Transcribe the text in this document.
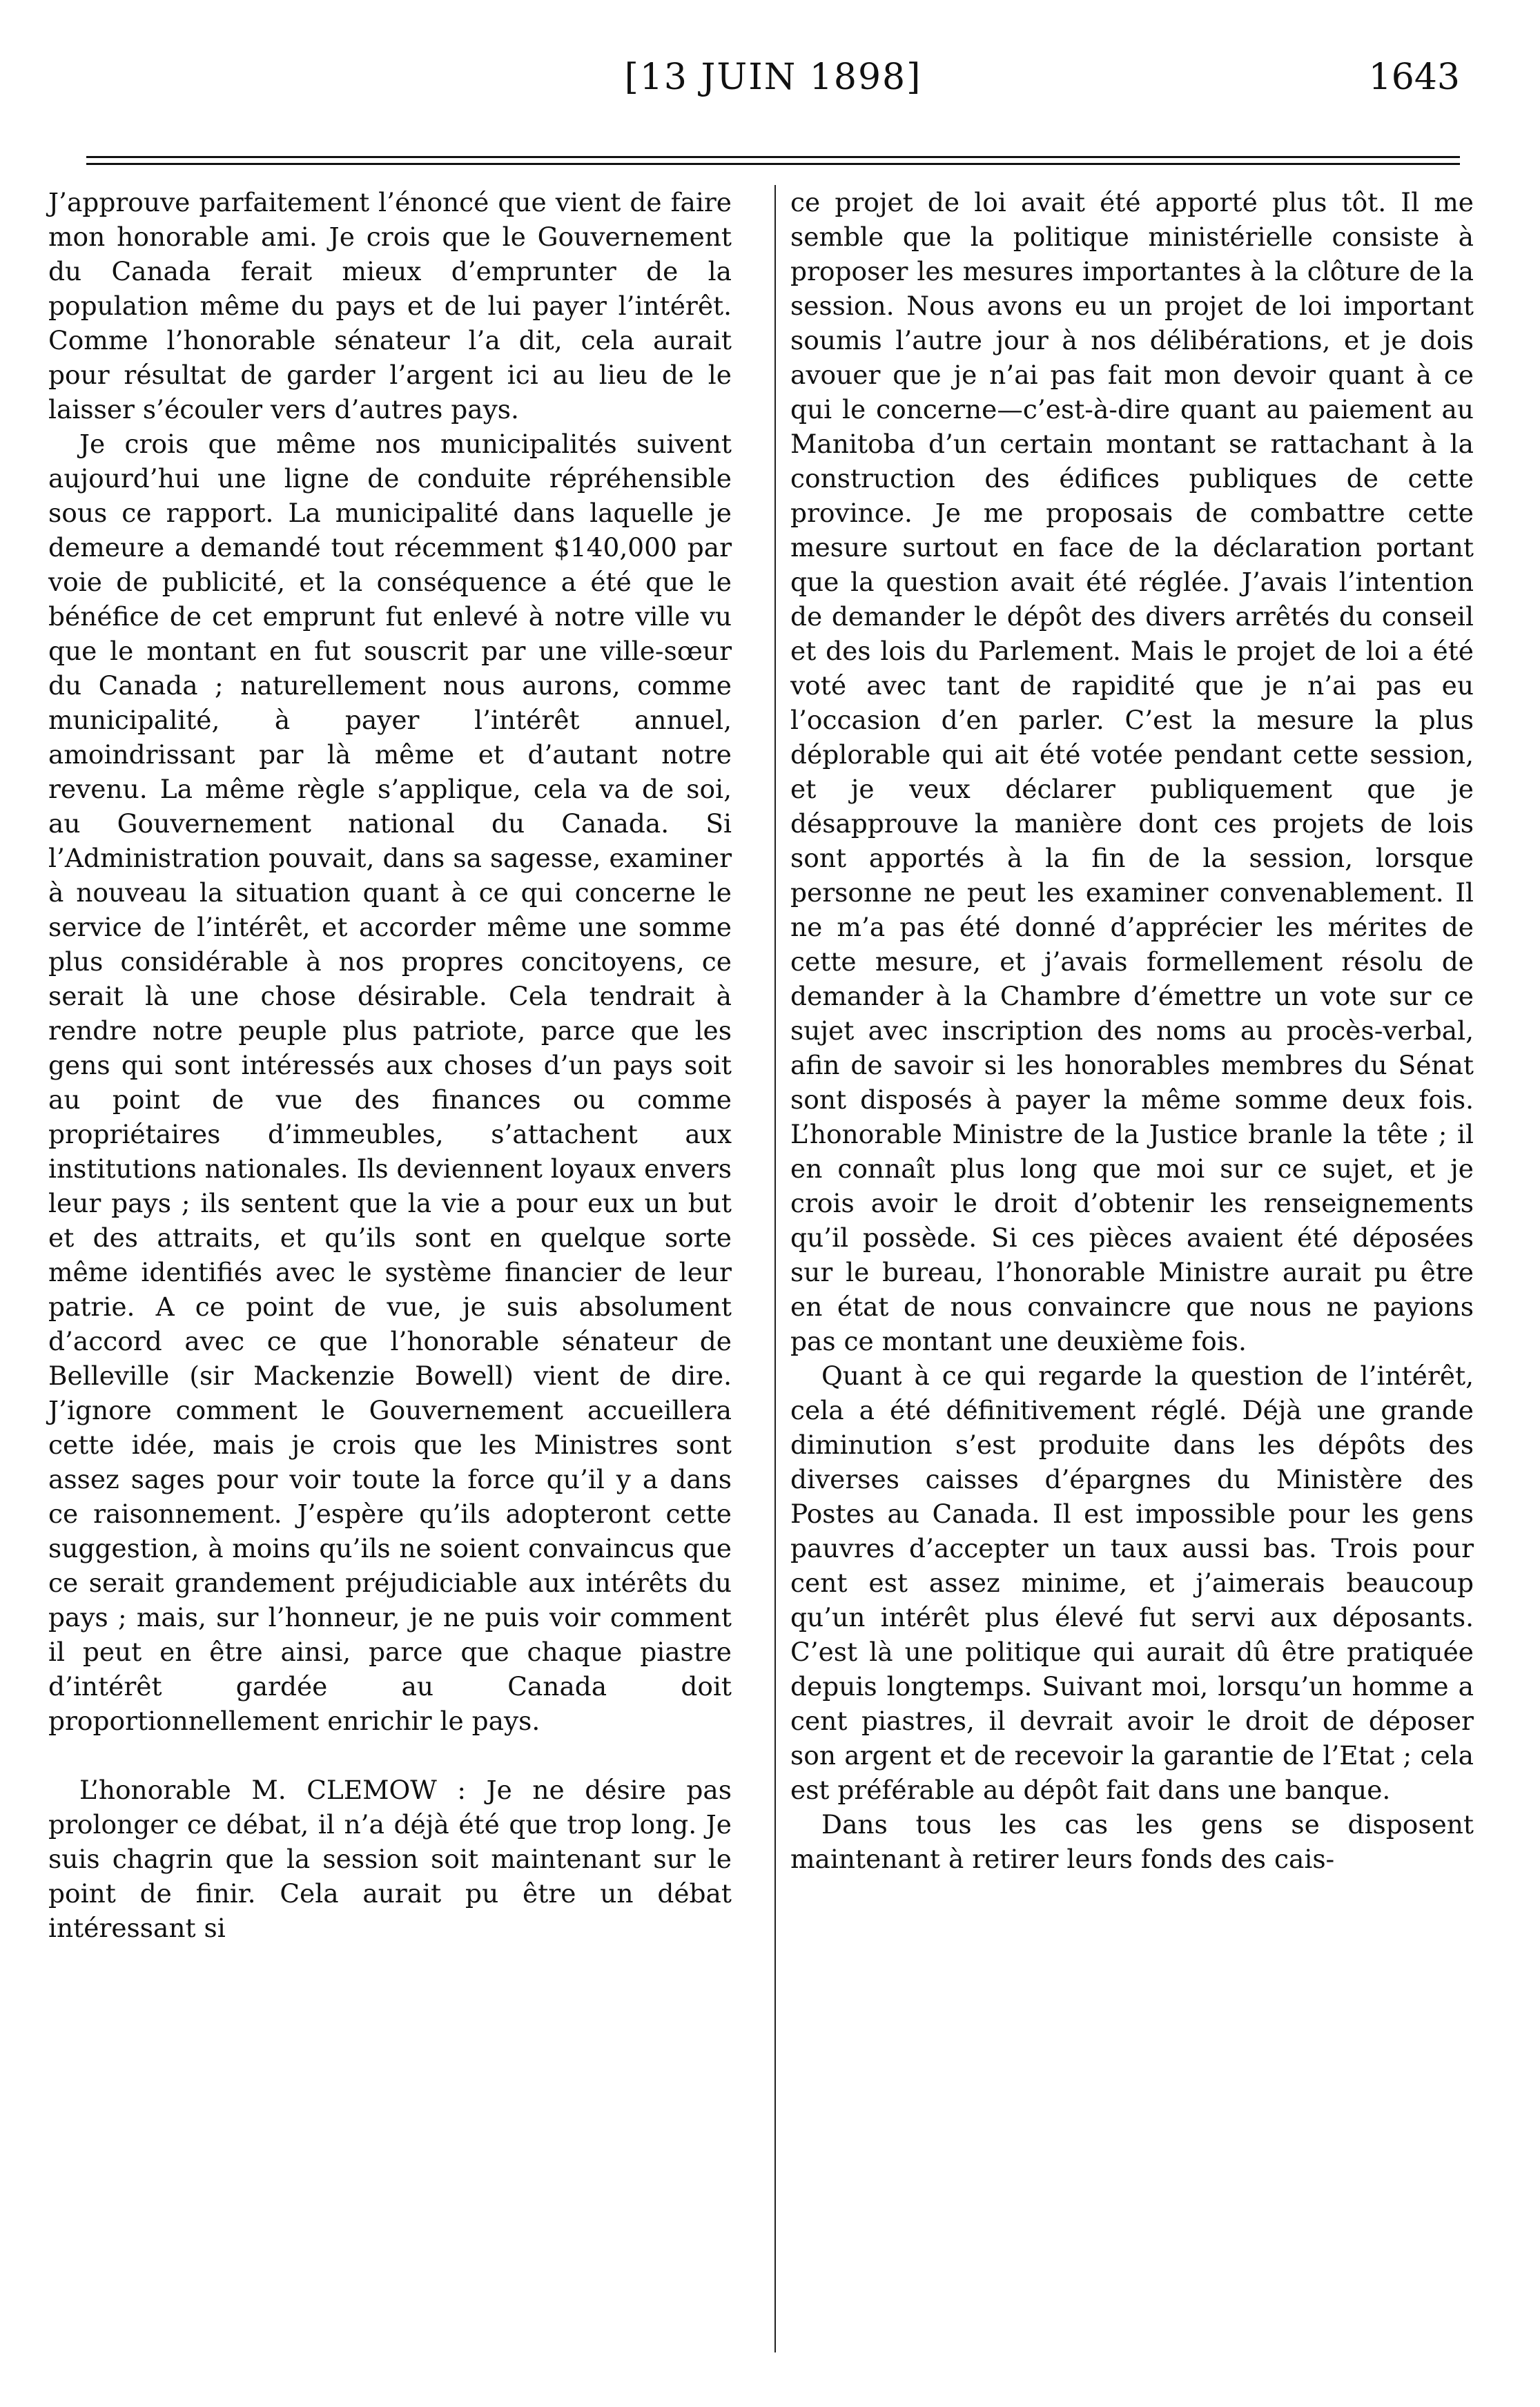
[13 JUIN 1898]	1643

J’approuve parfaitement l’énoncé que vient de faire mon honorable ami. Je crois que le Gouvernement du Canada ferait mieux d’emprunter de la population même du pays et de lui payer l’intérêt. Comme l’honorable sénateur l’a dit, cela aurait pour résultat de garder l’argent ici au lieu de le laisser s’écouler vers d’autres pays.

Je crois que même nos municipalités suivent aujourd’hui une ligne de conduite répréhensible sous ce rapport. La municipalité dans laquelle je demeure a demandé tout récemment $140,000 par voie de publicité, et la conséquence a été que le bénéfice de cet emprunt fut enlevé à notre ville vu que le montant en fut souscrit par une ville-sœur du Canada ; naturellement nous aurons, comme municipalité, à payer l’intérêt annuel, amoindrissant par là même et d’autant notre revenu. La même règle s’applique, cela va de soi, au Gouvernement national du Canada. Si l’Administration pouvait, dans sa sagesse, examiner à nouveau la situation quant à ce qui concerne le service de l’intérêt, et accorder même une somme plus considérable à nos propres concitoyens, ce serait là une chose désirable. Cela tendrait à rendre notre peuple plus patriote, parce que les gens qui sont intéressés aux choses d’un pays soit au point de vue des finances ou comme propriétaires d’immeubles, s’attachent aux institutions nationales. Ils deviennent loyaux envers leur pays ; ils sentent que la vie a pour eux un but et des attraits, et qu’ils sont en quelque sorte même identifiés avec le système financier de leur patrie. A ce point de vue, je suis absolument d’accord avec ce que l’honorable sénateur de Belleville (sir Mackenzie Bowell) vient de dire. J’ignore comment le Gouvernement accueillera cette idée, mais je crois que les Ministres sont assez sages pour voir toute la force qu’il y a dans ce raisonnement. J’espère qu’ils adopteront cette suggestion, à moins qu’ils ne soient convaincus que ce serait grandement préjudiciable aux intérêts du pays ; mais, sur l’honneur, je ne puis voir comment il peut en être ainsi, parce que chaque piastre d’intérêt gardée au Canada doit proportionnellement enrichir le pays.

L’honorable M. CLEMOW : Je ne désire pas prolonger ce débat, il n’a déjà été que trop long. Je suis chagrin que la session soit maintenant sur le point de finir. Cela aurait pu être un débat intéressant si

ce projet de loi avait été apporté plus tôt. Il me semble que la politique ministérielle consiste à proposer les mesures importantes à la clôture de la session. Nous avons eu un projet de loi important soumis l’autre jour à nos délibérations, et je dois avouer que je n’ai pas fait mon devoir quant à ce qui le concerne—c’est-à-dire quant au paiement au Manitoba d’un certain montant se rattachant à la construction des édifices publiques de cette province. Je me proposais de combattre cette mesure surtout en face de la déclaration portant que la question avait été réglée. J’avais l’intention de demander le dépôt des divers arrêtés du conseil et des lois du Parlement. Mais le projet de loi a été voté avec tant de rapidité que je n’ai pas eu l’occasion d’en parler. C’est la mesure la plus déplorable qui ait été votée pendant cette session, et je veux déclarer publiquement que je désapprouve la manière dont ces projets de lois sont apportés à la fin de la session, lorsque personne ne peut les examiner convenablement. Il ne m’a pas été donné d’apprécier les mérites de cette mesure, et j’avais formellement résolu de demander à la Chambre d’émettre un vote sur ce sujet avec inscription des noms au procès-verbal, afin de savoir si les honorables membres du Sénat sont disposés à payer la même somme deux fois. L’honorable Ministre de la Justice branle la tête ; il en connaît plus long que moi sur ce sujet, et je crois avoir le droit d’obtenir les renseignements qu’il possède. Si ces pièces avaient été déposées sur le bureau, l’honorable Ministre aurait pu être en état de nous convaincre que nous ne payions pas ce montant une deuxième fois.

Quant à ce qui regarde la question de l’intérêt, cela a été définitivement réglé. Déjà une grande diminution s’est produite dans les dépôts des diverses caisses d’épargnes du Ministère des Postes au Canada. Il est impossible pour les gens pauvres d’accepter un taux aussi bas. Trois pour cent est assez minime, et j’aimerais beaucoup qu’un intérêt plus élevé fut servi aux déposants. C’est là une politique qui aurait dû être pratiquée depuis longtemps. Suivant moi, lorsqu’un homme a cent piastres, il devrait avoir le droit de déposer son argent et de recevoir la garantie de l’Etat ; cela est préférable au dépôt fait dans une banque.

Dans tous les cas les gens se disposent maintenant à retirer leurs fonds des cais-
